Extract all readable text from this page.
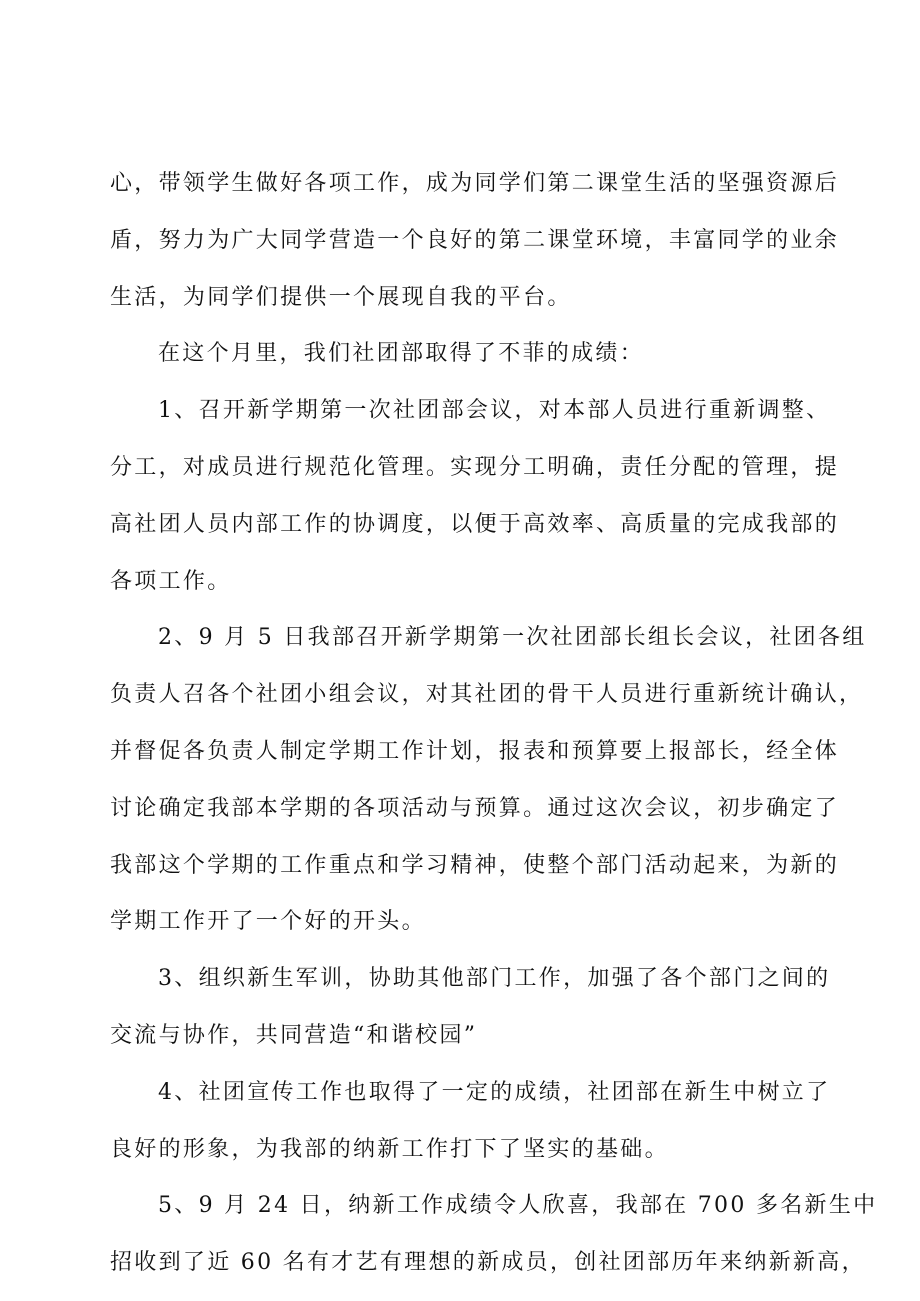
心，带领学生做好各项工作，成为同学们第二课堂生活的坚强资源后
盾，努力为广大同学营造一个良好的第二课堂环境，丰富同学的业余
生活，为同学们提供一个展现自我的平台。
在这个月里，我们社团部取得了不菲的成绩：
1、召开新学期第一次社团部会议，对本部人员进行重新调整、
分工，对成员进行规范化管理。实现分工明确，责任分配的管理，提
高社团人员内部工作的协调度，以便于高效率、高质量的完成我部的
各项工作。
2、9 月 5 日我部召开新学期第一次社团部长组长会议，社团各组
负责人召各个社团小组会议，对其社团的骨干人员进行重新统计确认，
并督促各负责人制定学期工作计划，报表和预算要上报部长，经全体
讨论确定我部本学期的各项活动与预算。通过这次会议，初步确定了
我部这个学期的工作重点和学习精神，使整个部门活动起来，为新的
学期工作开了一个好的开头。
3、组织新生军训，协助其他部门工作，加强了各个部门之间的
交流与协作，共同营造“和谐校园”
4、社团宣传工作也取得了一定的成绩，社团部在新生中树立了
良好的形象，为我部的纳新工作打下了坚实的基础。
5、9 月 24 日，纳新工作成绩令人欣喜，我部在 700 多名新生中
招收到了近 60 名有才艺有理想的新成员，创社团部历年来纳新新高，
